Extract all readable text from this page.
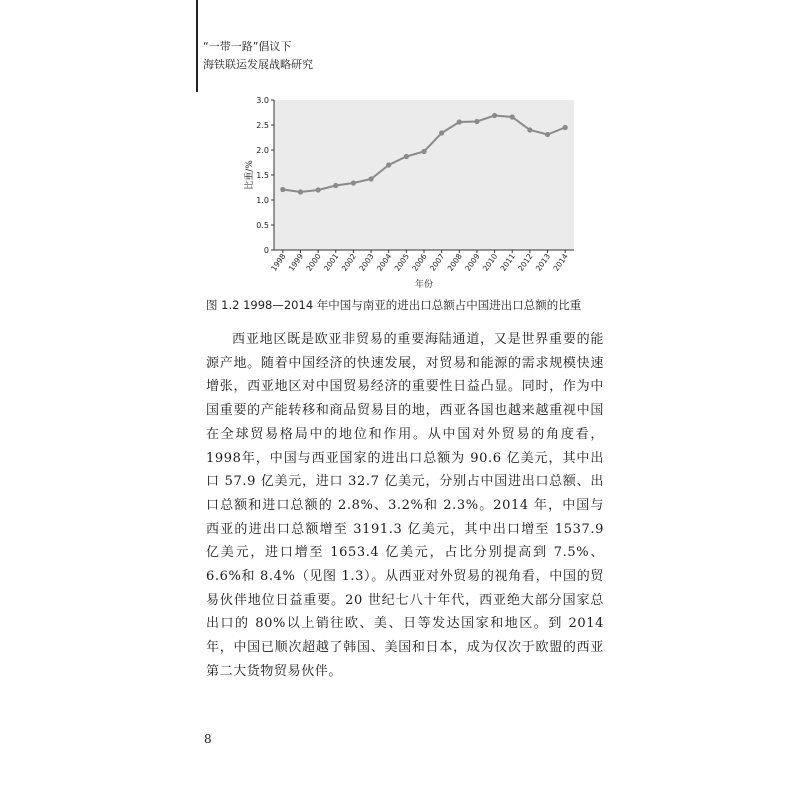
“一带一路”倡议下
海铁联运发展战略研究
0
0.5
1.0
1.5
2.0
2.5
3.0
1998 1999 2000 2001 2002 2003 2004 2005 2006 2007 2008 2009 2010 2011 2012 2013 2014
年份
比重/%
图 1.2 1998—2014 年中国与南亚的进出口总额占中国进出口总额的比重
西亚地区既是欧亚非贸易的重要海陆通道，又是世界重要的能源产地。随着中国经济的快速发展，对贸易和能源的需求规模快速增张，西亚地区对中国贸易经济的重要性日益凸显。同时，作为中国重要的产能转移和商品贸易目的地，西亚各国也越来越重视中国在全球贸易格局中的地位和作用。从中国对外贸易的角度看，1998年，中国与西亚国家的进出口总额为 90.6 亿美元，其中出口 57.9 亿美元，进口 32.7 亿美元，分别占中国进出口总额、出口总额和进口总额的 2.8%、3.2%和 2.3%。2014 年，中国与西亚的进出口总额增至 3191.3 亿美元，其中出口增至 1537.9 亿美元，进口增至 1653.4 亿美元，占比分别提高到 7.5%、6.6%和 8.4%（见图 1.3）。从西亚对外贸易的视角看，中国的贸易伙伴地位日益重要。20 世纪七八十年代，西亚绝大部分国家总出口的 80%以上销往欧、美、日等发达国家和地区。到 2014 年，中国已顺次超越了韩国、美国和日本，成为仅次于欧盟的西亚第二大货物贸易伙伴。
8
